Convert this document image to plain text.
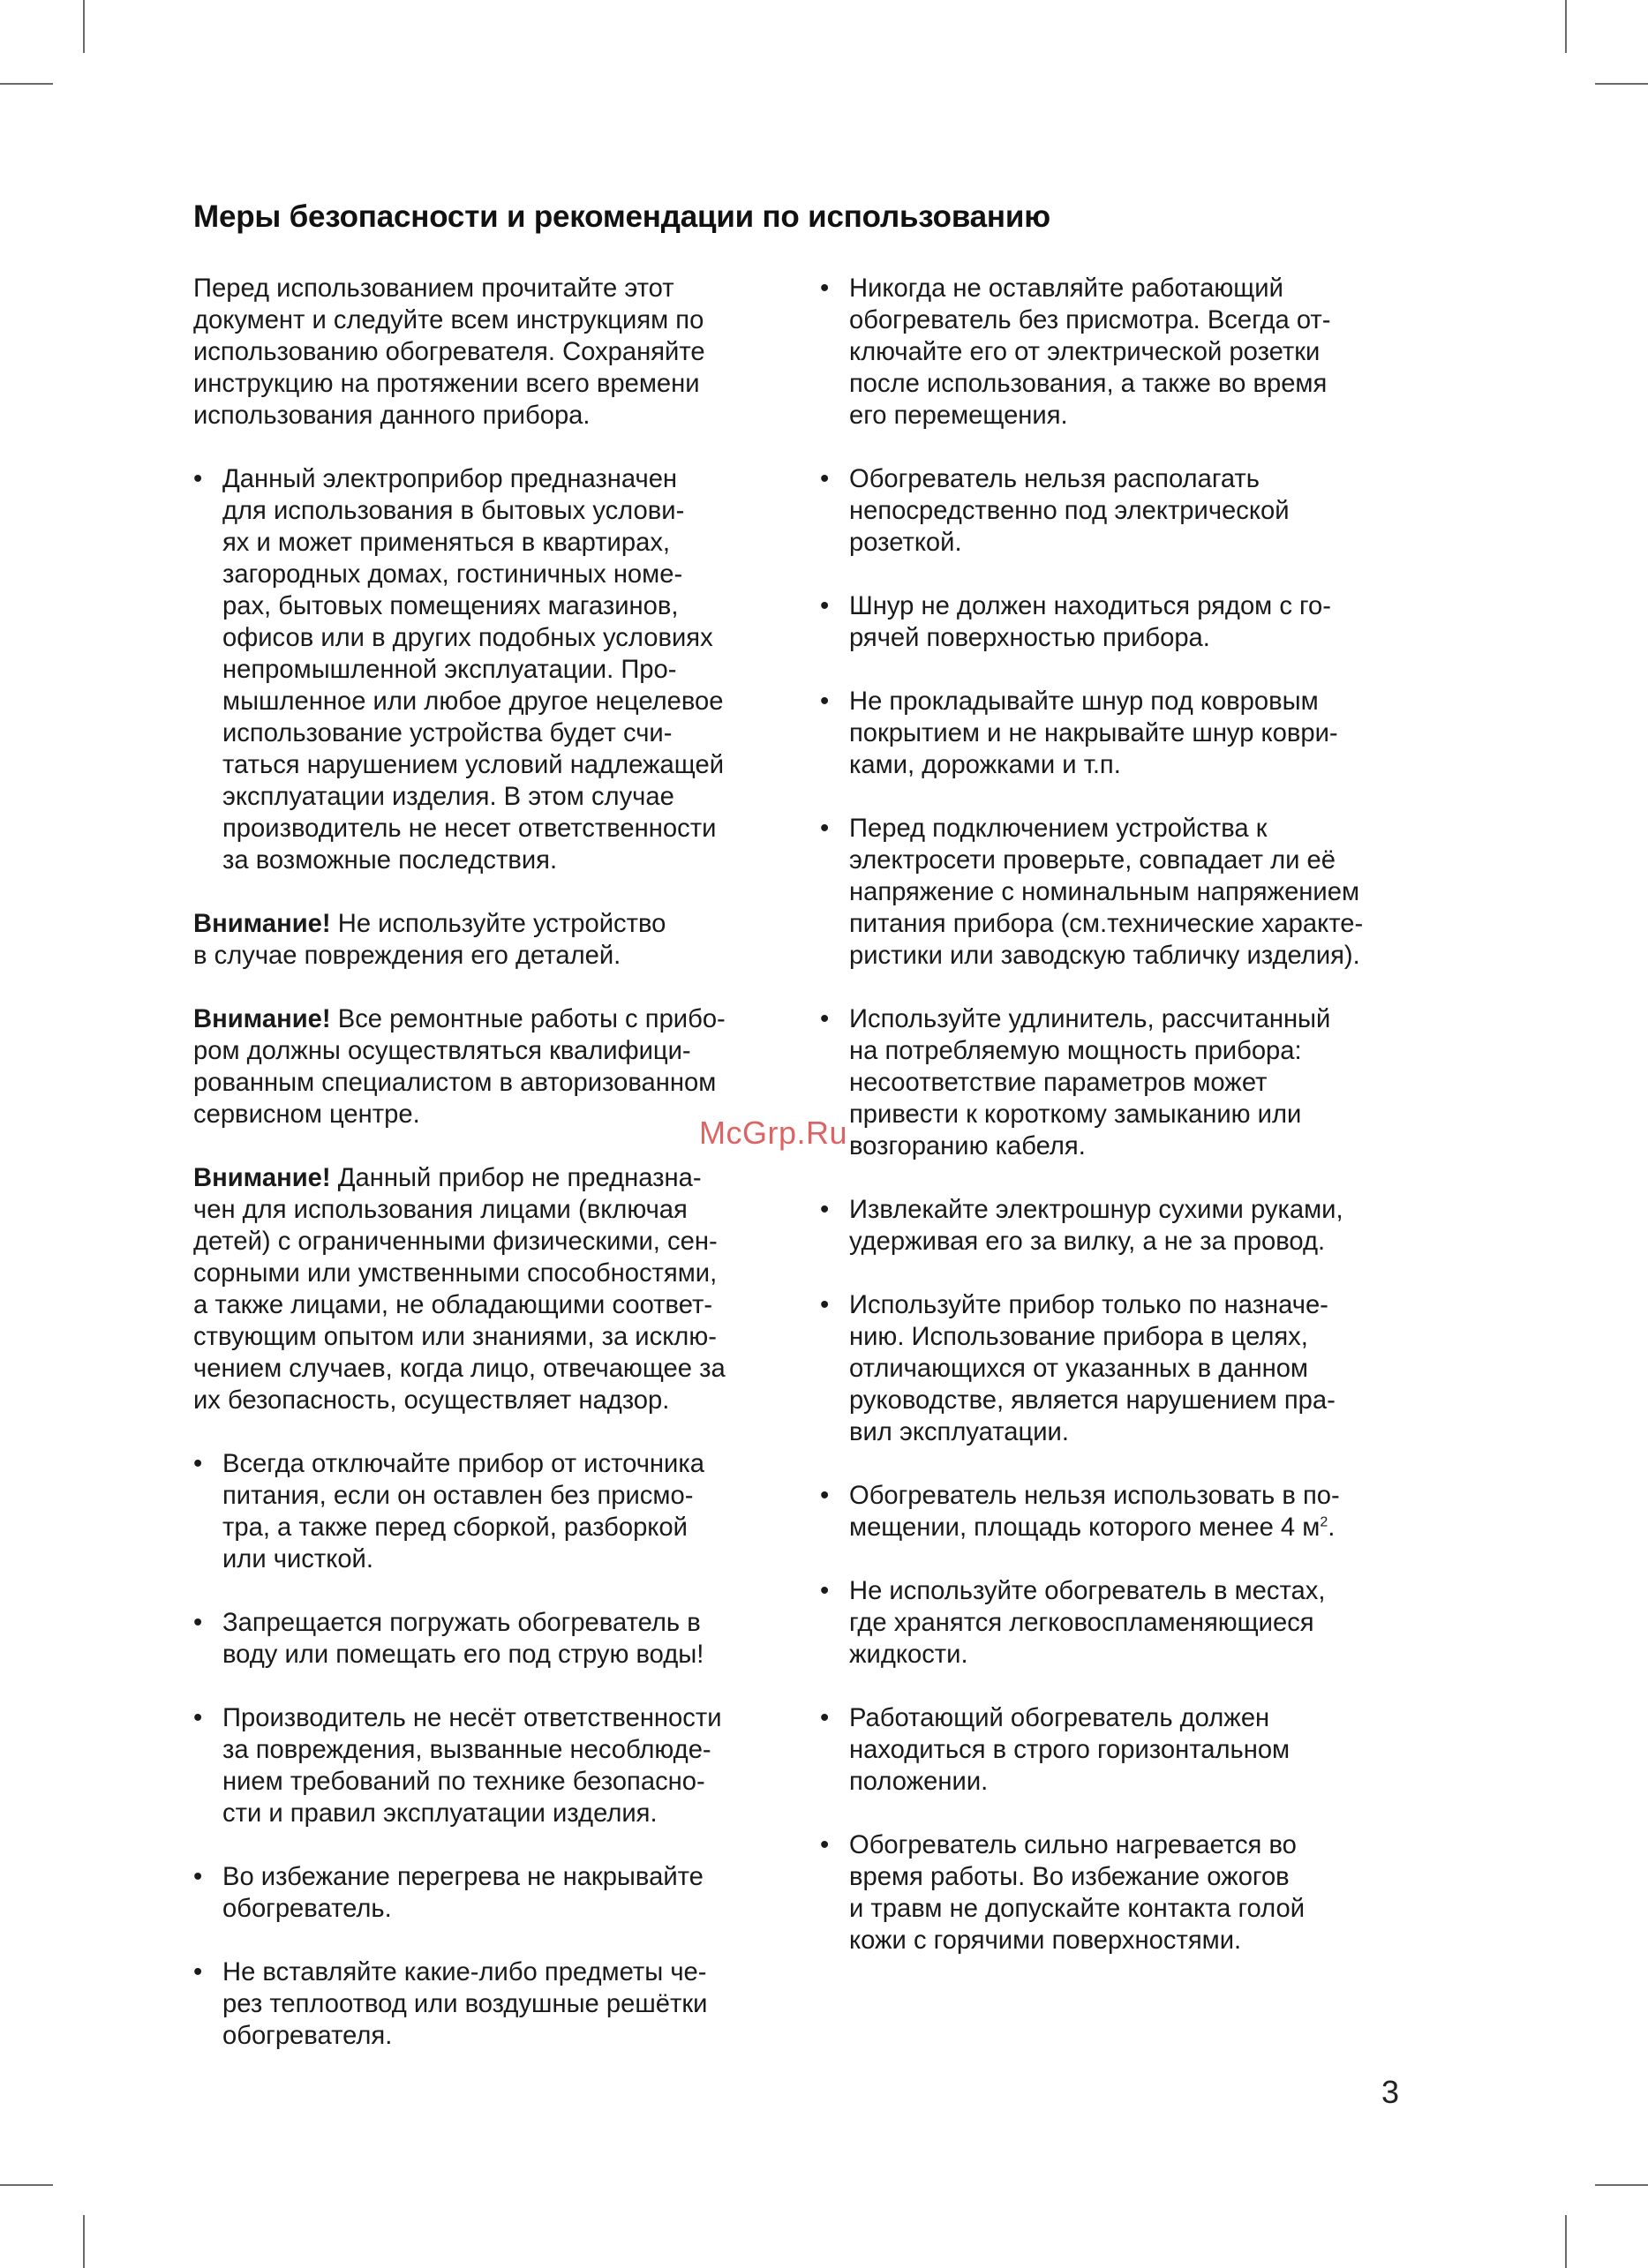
Меры безопасности и рекомендации по использованию

Перед использованием прочитайте этот
документ и следуйте всем инструкциям по
использованию обогревателя. Сохраняйте
инструкцию на протяжении всего времени
использования данного прибора.

• Данный электроприбор предназначен
для использования в бытовых услови-
ях и может применяться в квартирах,
загородных домах, гостиничных номе-
рах, бытовых помещениях магазинов,
офисов или в других подобных условиях
непромышленной эксплуатации. Про-
мышленное или любое другое нецелевое
использование устройства будет счи-
таться нарушением условий надлежащей
эксплуатации изделия. В этом случае
производитель не несет ответственности
за возможные последствия.

Внимание! Не используйте устройство
в случае повреждения его деталей.

Внимание! Все ремонтные работы с прибо-
ром должны осуществляться квалифици-
рованным специалистом в авторизованном
сервисном центре.

Внимание! Данный прибор не предназна-
чен для использования лицами (включая
детей) с ограниченными физическими, сен-
сорными или умственными способностями,
а также лицами, не обладающими соответ-
ствующим опытом или знаниями, за исклю-
чением случаев, когда лицо, отвечающее за
их безопасность, осуществляет надзор.

• Всегда отключайте прибор от источника
питания, если он оставлен без присмо-
тра, а также перед сборкой, разборкой
или чисткой.
• Запрещается погружать обогреватель в
воду или помещать его под струю воды!
• Производитель не несёт ответственности
за повреждения, вызванные несоблюде-
нием требований по технике безопасно-
сти и правил эксплуатации изделия.
• Во избежание перегрева не накрывайте
обогреватель.
• Не вставляйте какие-либо предметы че-
рез теплоотвод или воздушные решётки
обогревателя.
• Никогда не оставляйте работающий
обогреватель без присмотра. Всегда от-
ключайте его от электрической розетки
после использования, а также во время
его перемещения.
• Обогреватель нельзя располагать
непосредственно под электрической
розеткой.
• Шнур не должен находиться рядом с го-
рячей поверхностью прибора.
• Не прокладывайте шнур под ковровым
покрытием и не накрывайте шнур коври-
ками, дорожками и т.п.
• Перед подключением устройства к
электросети проверьте, совпадает ли её
напряжение с номинальным напряжением
питания прибора (см.технические характе-
ристики или заводскую табличку изделия).
• Используйте удлинитель, рассчитанный
на потребляемую мощность прибора:
несоответствие параметров может
привести к короткому замыканию или
возгоранию кабеля.
• Извлекайте электрошнур сухими руками,
удерживая его за вилку, а не за провод.
• Используйте прибор только по назначе-
нию. Использование прибора в целях,
отличающихся от указанных в данном
руководстве, является нарушением пра-
вил эксплуатации.
• Обогреватель нельзя использовать в по-
мещении, площадь которого менее 4 $м^2$.
• Не используйте обогреватель в местах,
где хранятся легковоспламеняющиеся
жидкости.
• Работающий обогреватель должен
находиться в строго горизонтальном
положении.
• Обогреватель сильно нагревается во
время работы. Во избежание ожогов
и травм не допускайте контакта голой
кожи с горячими поверхностями.

McGrp.Ru

3
